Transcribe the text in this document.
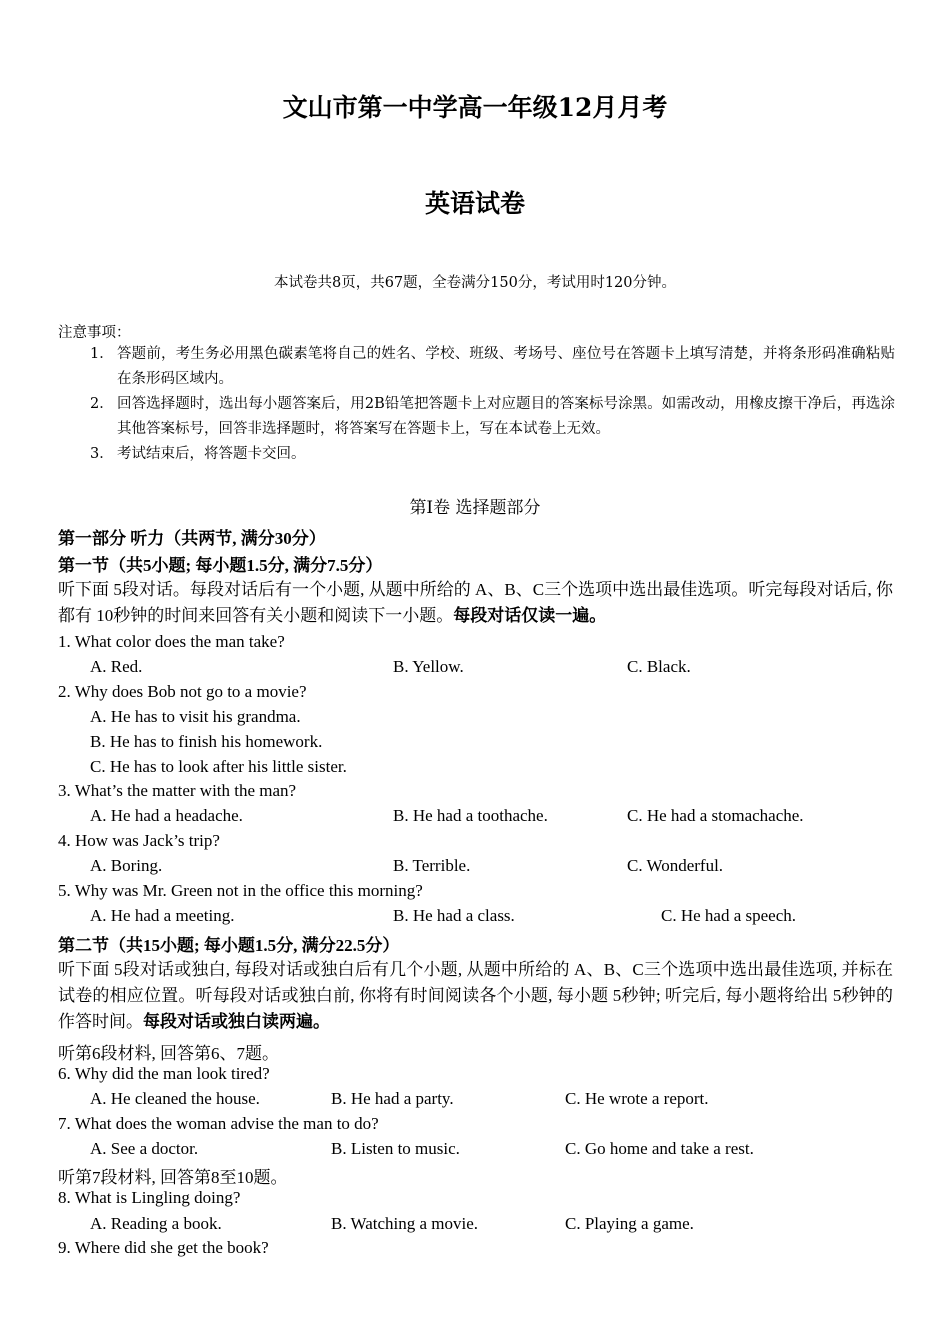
文山市第一中学高一年级12月月考
英语试卷
本试卷共8页，共67题，全卷满分150分，考试用时120分钟。
注意事项：
1． 答题前，考生务必用黑色碳素笔将自己的姓名、学校、班级、考场号、座位号在答题卡上填写清楚，并将条形码准确粘贴在条形码区域内。
2． 回答选择题时，选出每小题答案后，用2B铅笔把答题卡上对应题目的答案标号涂黑。如需改动，用橡皮擦干净后，再选涂其他答案标号，回答非选择题时，将答案写在答题卡上，写在本试卷上无效。
3． 考试结束后，将答题卡交回。
第Ⅰ卷 选择题部分
第一部分 听力（共两节, 满分30分）
第一节（共5小题; 每小题1.5分, 满分7.5分）
听下面 5段对话。每段对话后有一个小题, 从题中所给的 A、B、C三个选项中选出最佳选项。听完每段对话后, 你都有 10秒钟的时间来回答有关小题和阅读下一小题。每段对话仅读一遍。
1. What color does the man take?
A. Red.	B. Yellow.	C. Black.
2. Why does Bob not go to a movie?
A. He has to visit his grandma.
B. He has to finish his homework.
C. He has to look after his little sister.
3. What’s the matter with the man?
A. He had a headache.	B. He had a toothache.	C. He had a stomachache.
4. How was Jack’s trip?
A. Boring.	B. Terrible.	C. Wonderful.
5. Why was Mr. Green not in the office this morning?
A. He had a meeting.	B. He had a class.	C. He had a speech.
第二节（共15小题; 每小题1.5分, 满分22.5分）
听下面 5段对话或独白, 每段对话或独白后有几个小题, 从题中所给的 A、B、C三个选项中选出最佳选项, 并标在试卷的相应位置。听每段对话或独白前, 你将有时间阅读各个小题, 每小题 5秒钟; 听完后, 每小题将给出 5秒钟的作答时间。每段对话或独白读两遍。
听第6段材料, 回答第6、7题。
6. Why did the man look tired?
A. He cleaned the house.	B. He had a party.	C. He wrote a report.
7. What does the woman advise the man to do?
A. See a doctor.	B. Listen to music.	C. Go home and take a rest.
听第7段材料, 回答第8至10题。
8. What is Lingling doing?
A. Reading a book.	B. Watching a movie.	C. Playing a game.
9. Where did she get the book?
